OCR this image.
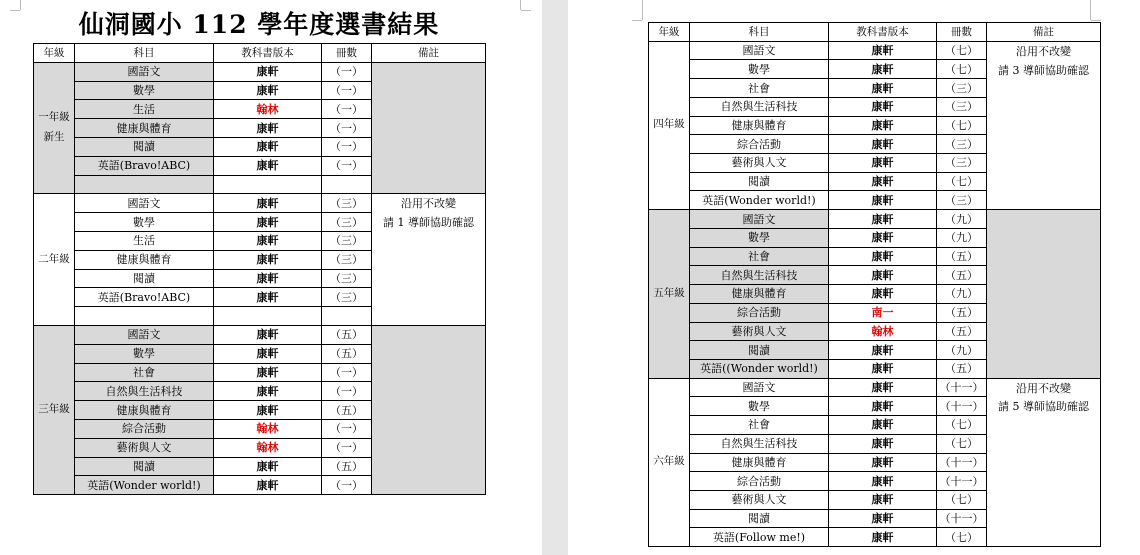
仙洞國小 112 學年度選書結果
年級	科目	教科書版本	冊數	備註
一年級
新生	國語文	康軒	（一）	
	數學	康軒	（一）	
	生活	翰林	（一）	
	健康與體育	康軒	（一）	
	閱讀	康軒	（一）	
	英語(Bravo!ABC)	康軒	（一）	

二年級	國語文	康軒	（三）	沿用不改變
請 1 導師協助確認
	數學	康軒	（三）	
	生活	康軒	（三）	
	健康與體育	康軒	（三）	
	閱讀	康軒	（三）	
	英語(Bravo!ABC)	康軒	（三）	

三年級	國語文	康軒	（五）	
	數學	康軒	（五）	
	社會	康軒	（一）	
	自然與生活科技	康軒	（一）	
	健康與體育	康軒	（五）	
	綜合活動	翰林	（一）	
	藝術與人文	翰林	（一）	
	閱讀	康軒	（五）	
	英語(Wonder world!)	康軒	（一）	
年級	科目	教科書版本	冊數	備註
四年級	國語文	康軒	（七）	沿用不改變
請 3 導師協助確認
	數學	康軒	（七）	
	社會	康軒	（三）	
	自然與生活科技	康軒	（三）	
	健康與體育	康軒	（七）	
	綜合活動	康軒	（三）	
	藝術與人文	康軒	（三）	
	閱讀	康軒	（七）	
	英語(Wonder world!)	康軒	（三）	
五年級	國語文	康軒	（九）	
	數學	康軒	（九）	
	社會	康軒	（五）	
	自然與生活科技	康軒	（五）	
	健康與體育	康軒	（九）	
	綜合活動	南一	（五）	
	藝術與人文	翰林	（五）	
	閱讀	康軒	（九）	
	英語((Wonder world!)	康軒	（五）	
六年級	國語文	康軒	（十一）	沿用不改變
請 5 導師協助確認
	數學	康軒	（十一）	
	社會	康軒	（七）	
	自然與生活科技	康軒	（七）	
	健康與體育	康軒	（十一）	
	綜合活動	康軒	（十一）	
	藝術與人文	康軒	（七）	
	閱讀	康軒	（十一）	
	英語(Follow me!)	康軒	（七）	
